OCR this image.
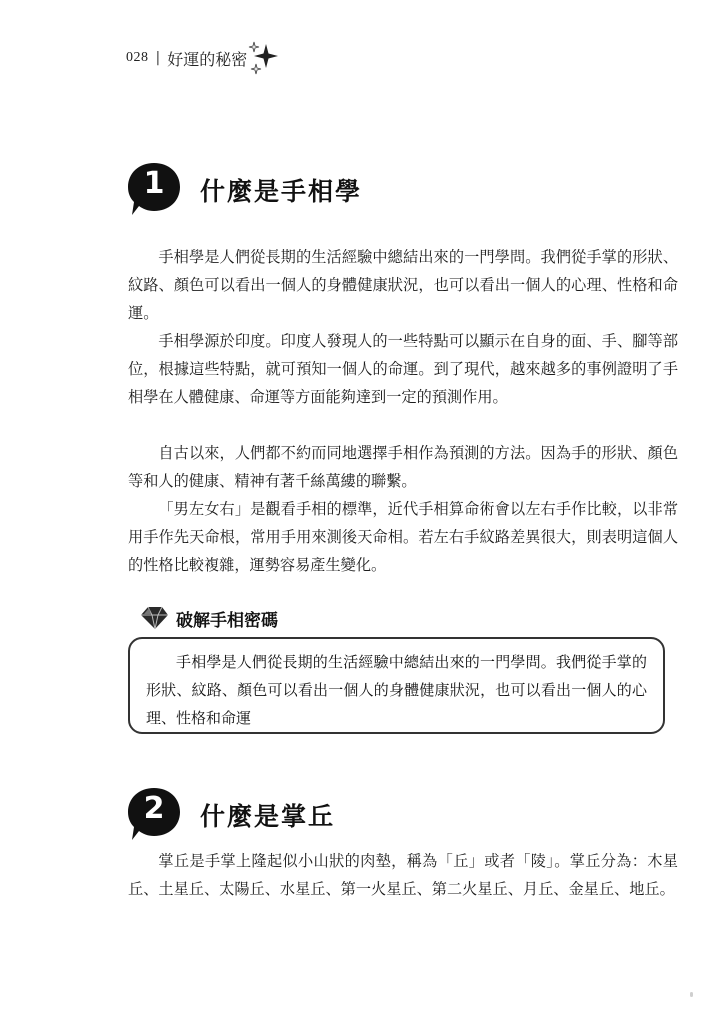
028 | 好運的秘密
1	什麼是手相學

手相學是人們從長期的生活經驗中總結出來的一門學問。我們從手掌的形狀、紋路、顏色可以看出一個人的身體健康狀況，也可以看出一個人的心理、性格和命運。

手相學源於印度。印度人發現人的一些特點可以顯示在自身的面、手、腳等部位，根據這些特點，就可預知一個人的命運。到了現代，越來越多的事例證明了手相學在人體健康、命運等方面能夠達到一定的預測作用。

自古以來，人們都不約而同地選擇手相作為預測的方法。因為手的形狀、顏色等和人的健康、精神有著千絲萬縷的聯繫。

「男左女右」是觀看手相的標準，近代手相算命術會以左右手作比較，以非常用手作先天命根，常用手用來測後天命相。若左右手紋路差異很大，則表明這個人的性格比較複雜，運勢容易產生變化。

破解手相密碼

手相學是人們從長期的生活經驗中總結出來的一門學問。我們從手掌的形狀、紋路、顏色可以看出一個人的身體健康狀況，也可以看出一個人的心理、性格和命運

2	什麼是掌丘

掌丘是手掌上隆起似小山狀的肉墊，稱為「丘」或者「陵」。掌丘分為：木星丘、土星丘、太陽丘、水星丘、第一火星丘、第二火星丘、月丘、金星丘、地丘。
